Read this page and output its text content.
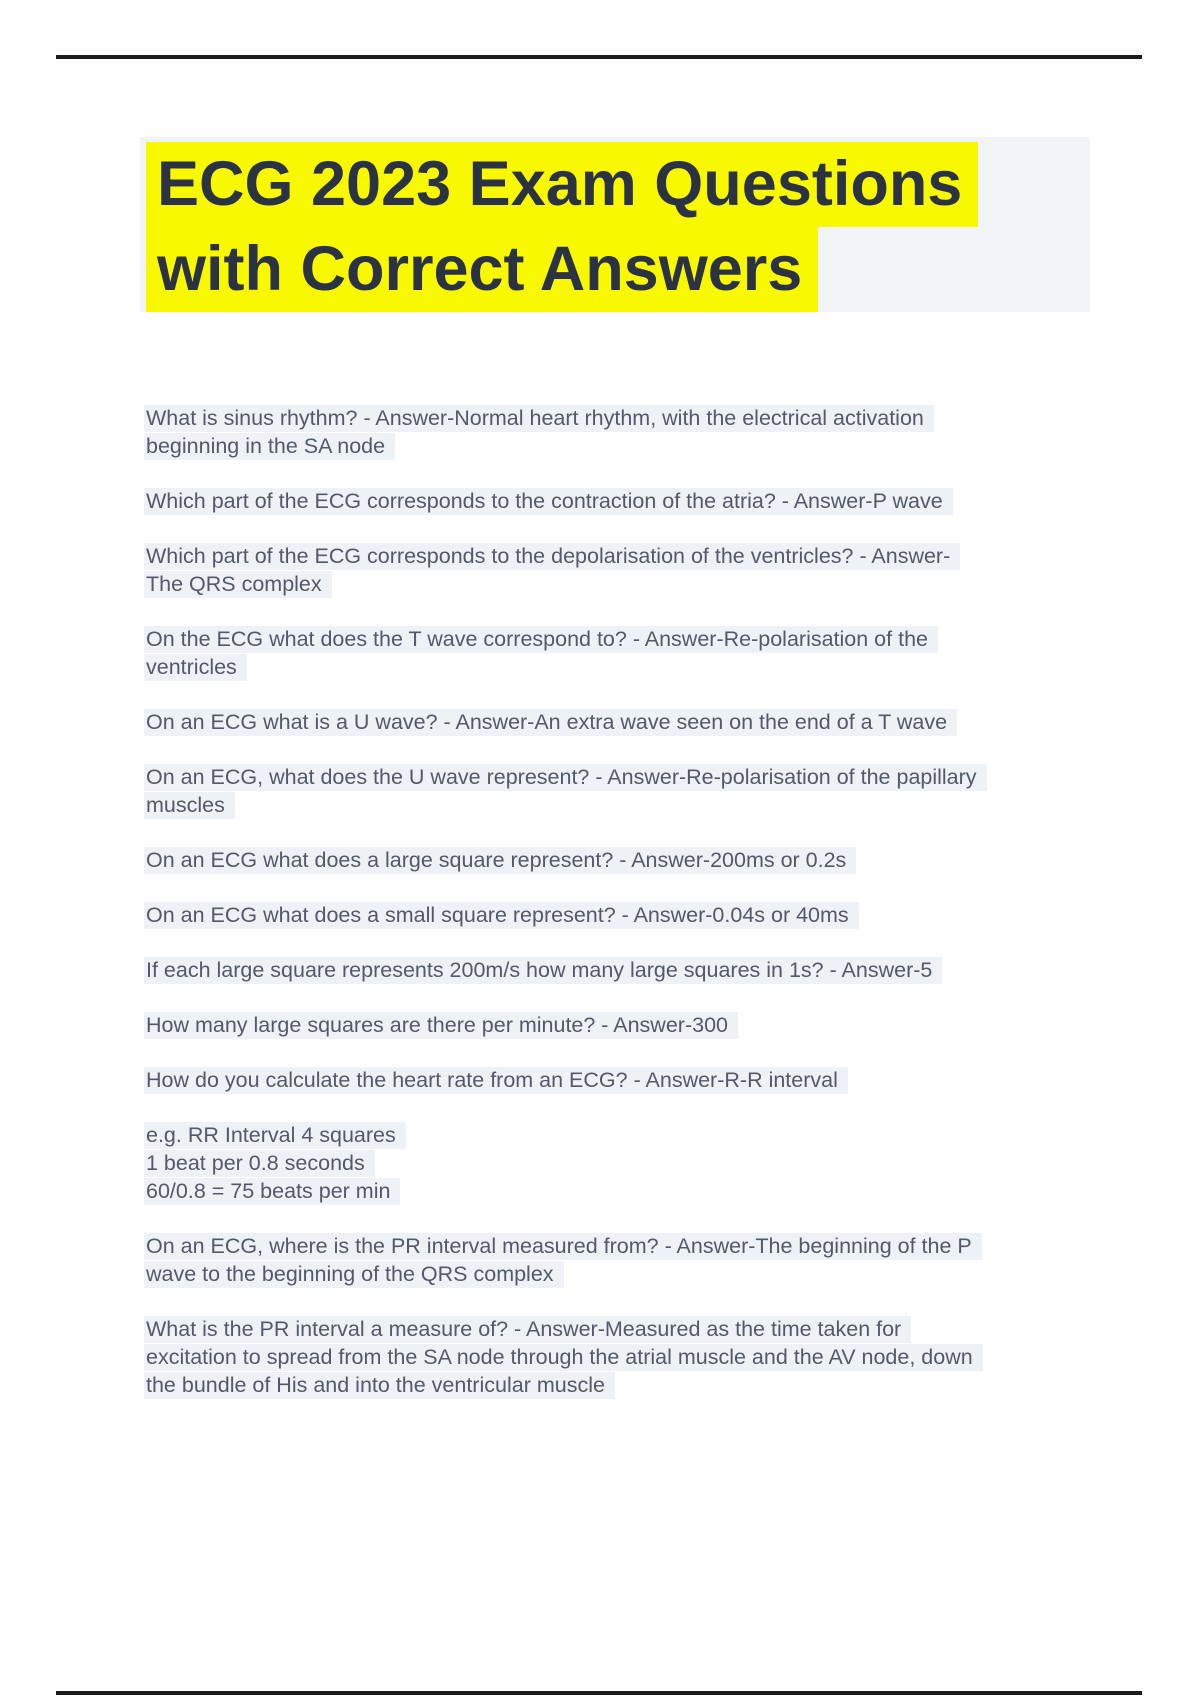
ECG 2023 Exam Questions
with Correct Answers

What is sinus rhythm? - Answer-Normal heart rhythm, with the electrical activation
beginning in the SA node

Which part of the ECG corresponds to the contraction of the atria? - Answer-P wave

Which part of the ECG corresponds to the depolarisation of the ventricles? - Answer-
The QRS complex

On the ECG what does the T wave correspond to? - Answer-Re-polarisation of the
ventricles

On an ECG what is a U wave? - Answer-An extra wave seen on the end of a T wave

On an ECG, what does the U wave represent? - Answer-Re-polarisation of the papillary
muscles

On an ECG what does a large square represent? - Answer-200ms or 0.2s

On an ECG what does a small square represent? - Answer-0.04s or 40ms

If each large square represents 200m/s how many large squares in 1s? - Answer-5

How many large squares are there per minute? - Answer-300

How do you calculate the heart rate from an ECG? - Answer-R-R interval

e.g. RR Interval 4 squares
1 beat per 0.8 seconds
60/0.8 = 75 beats per min

On an ECG, where is the PR interval measured from? - Answer-The beginning of the P
wave to the beginning of the QRS complex

What is the PR interval a measure of? - Answer-Measured as the time taken for
excitation to spread from the SA node through the atrial muscle and the AV node, down
the bundle of His and into the ventricular muscle
